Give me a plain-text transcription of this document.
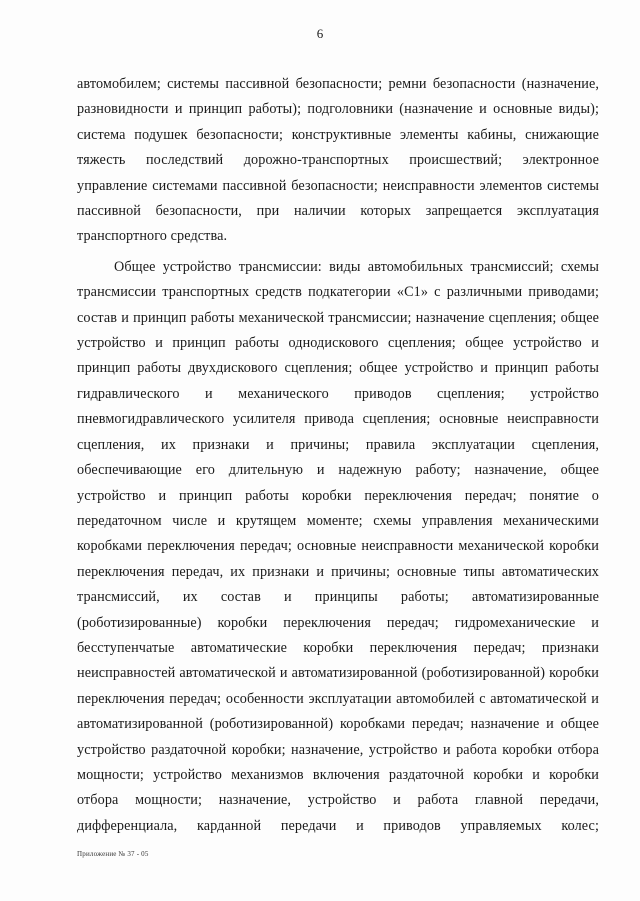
6

автомобилем; системы пассивной безопасности; ремни безопасности (назначение, разновидности и принцип работы); подголовники (назначение и основные виды); система подушек безопасности; конструктивные элементы кабины, снижающие тяжесть последствий дорожно-транспортных происшествий; электронное управление системами пассивной безопасности; неисправности элементов системы пассивной безопасности, при наличии которых запрещается эксплуатация транспортного средства.

Общее устройство трансмиссии: виды автомобильных трансмиссий; схемы трансмиссии транспортных средств подкатегории «С1» с различными приводами; состав и принцип работы механической трансмиссии; назначение сцепления; общее устройство и принцип работы однодискового сцепления; общее устройство и принцип работы двухдискового сцепления; общее устройство и принцип работы гидравлического и механического приводов сцепления; устройство пневмогидравлического усилителя привода сцепления; основные неисправности сцепления, их признаки и причины; правила эксплуатации сцепления, обеспечивающие его длительную и надежную работу; назначение, общее устройство и принцип работы коробки переключения передач; понятие о передаточном числе и крутящем моменте; схемы управления механическими коробками переключения передач; основные неисправности механической коробки переключения передач, их признаки и причины; основные типы автоматических трансмиссий, их состав и принципы работы; автоматизированные (роботизированные) коробки переключения передач; гидромеханические и бесступенчатые автоматические коробки переключения передач; признаки неисправностей автоматической и автоматизированной (роботизированной) коробки переключения передач; особенности эксплуатации автомобилей с автоматической и автоматизированной (роботизированной) коробками передач; назначение и общее устройство раздаточной коробки; назначение, устройство и работа коробки отбора мощности; устройство механизмов включения раздаточной коробки и коробки отбора мощности; назначение, устройство и работа главной передачи, дифференциала, карданной передачи и приводов управляемых колес;

Приложение № 37 - 05
